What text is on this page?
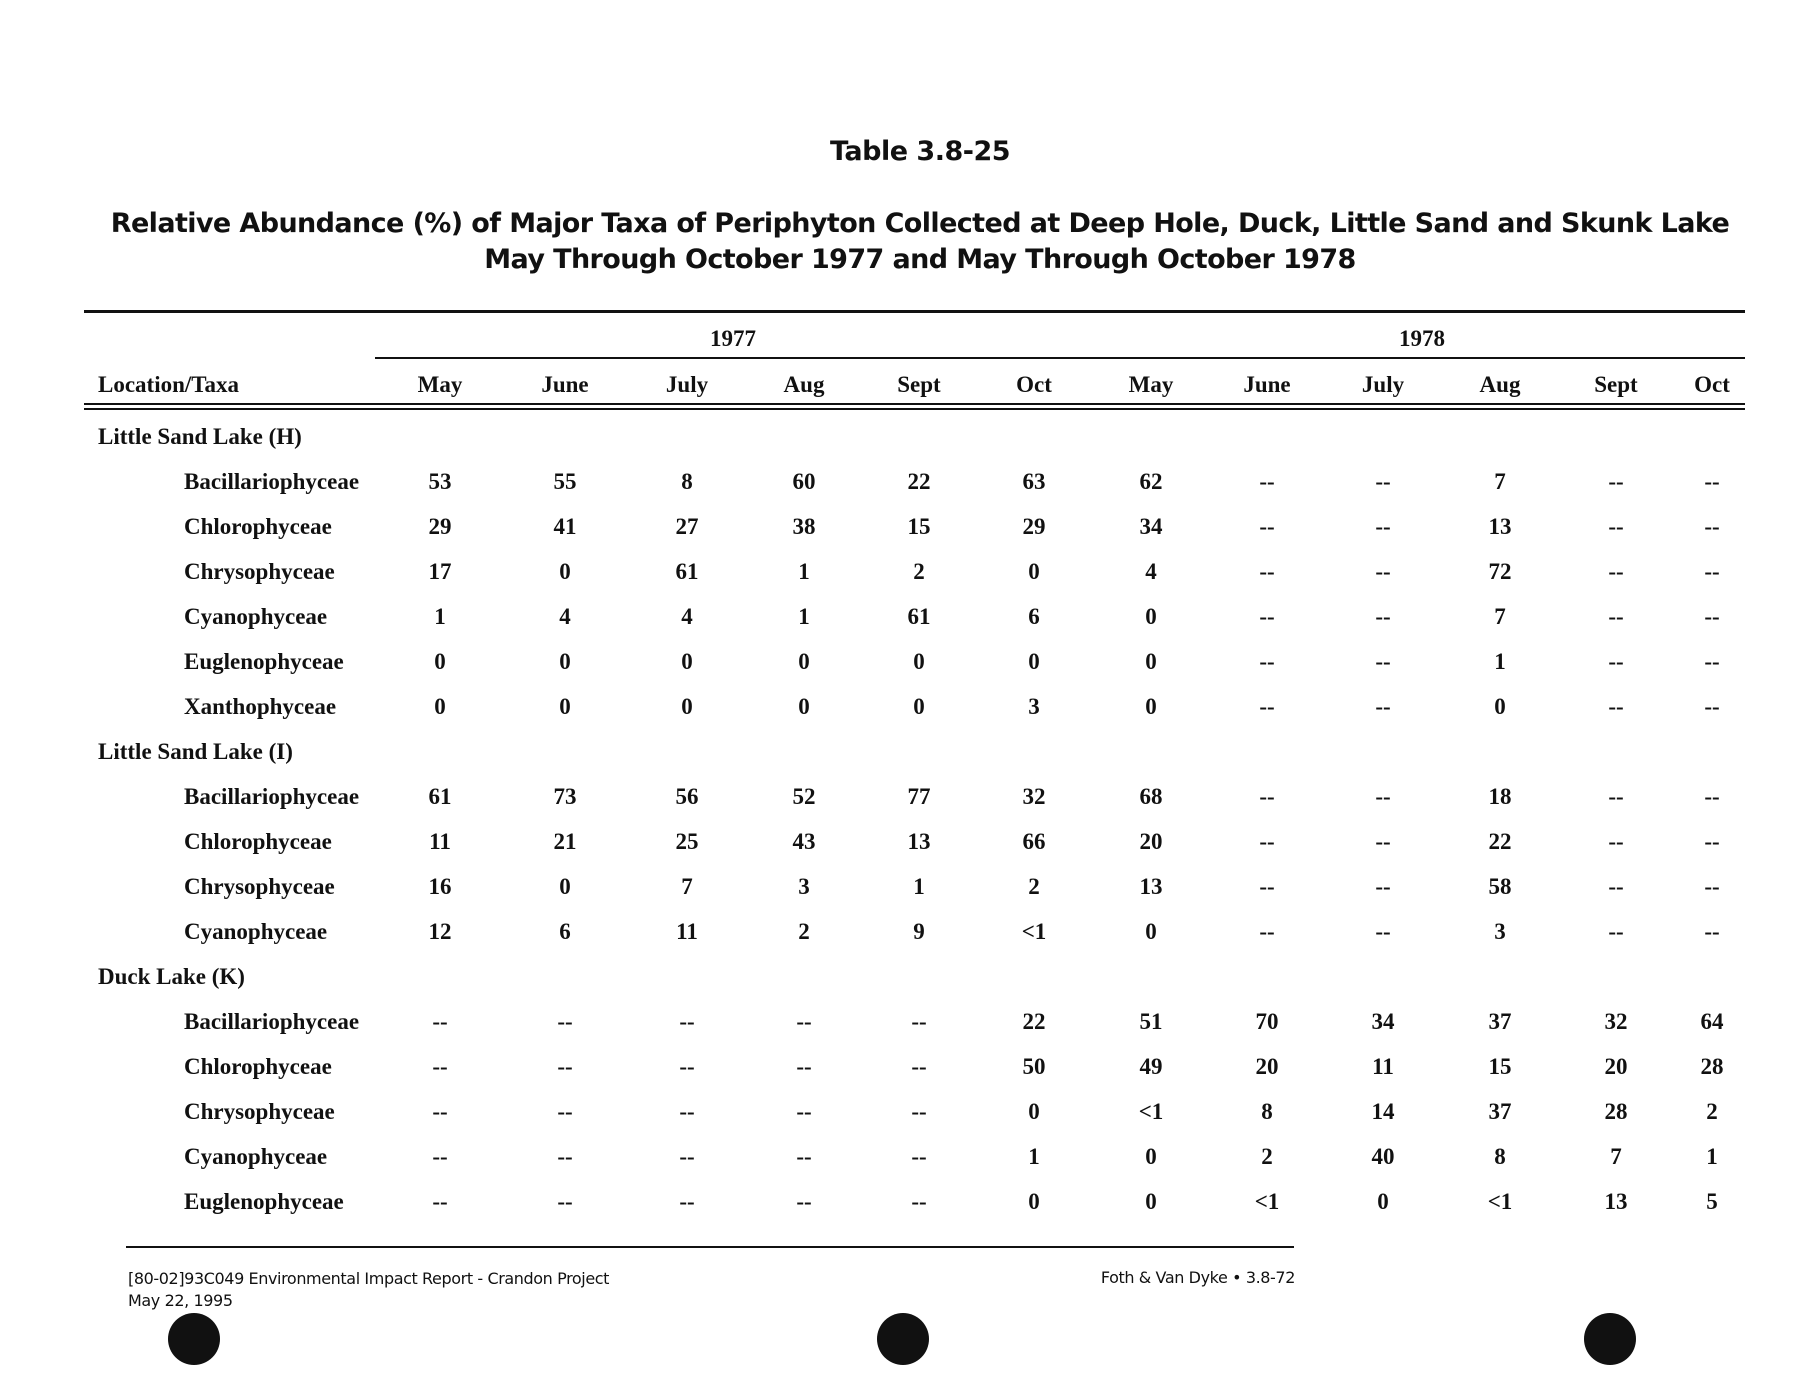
Table 3.8-25
Relative Abundance (%) of Major Taxa of Periphyton Collected at Deep Hole, Duck, Little Sand and Skunk Lake
May Through October 1977 and May Through October 1978
1977	1978
Location/Taxa	May	June	July	Aug	Sept	Oct	May	June	July	Aug	Sept	Oct
Little Sand Lake (H)
Bacillariophyceae	53	55	8	60	22	63	62	--	--	7	--	--
Chlorophyceae	29	41	27	38	15	29	34	--	--	13	--	--
Chrysophyceae	17	0	61	1	2	0	4	--	--	72	--	--
Cyanophyceae	1	4	4	1	61	6	0	--	--	7	--	--
Euglenophyceae	0	0	0	0	0	0	0	--	--	1	--	--
Xanthophyceae	0	0	0	0	0	3	0	--	--	0	--	--
Little Sand Lake (I)
Bacillariophyceae	61	73	56	52	77	32	68	--	--	18	--	--
Chlorophyceae	11	21	25	43	13	66	20	--	--	22	--	--
Chrysophyceae	16	0	7	3	1	2	13	--	--	58	--	--
Cyanophyceae	12	6	11	2	9	<1	0	--	--	3	--	--
Duck Lake (K)
Bacillariophyceae	--	--	--	--	--	22	51	70	34	37	32	64
Chlorophyceae	--	--	--	--	--	50	49	20	11	15	20	28
Chrysophyceae	--	--	--	--	--	0	<1	8	14	37	28	2
Cyanophyceae	--	--	--	--	--	1	0	2	40	8	7	1
Euglenophyceae	--	--	--	--	--	0	0	<1	0	<1	13	5
[80-02]93C049 Environmental Impact Report - Crandon Project
May 22, 1995
Foth & Van Dyke • 3.8-72
